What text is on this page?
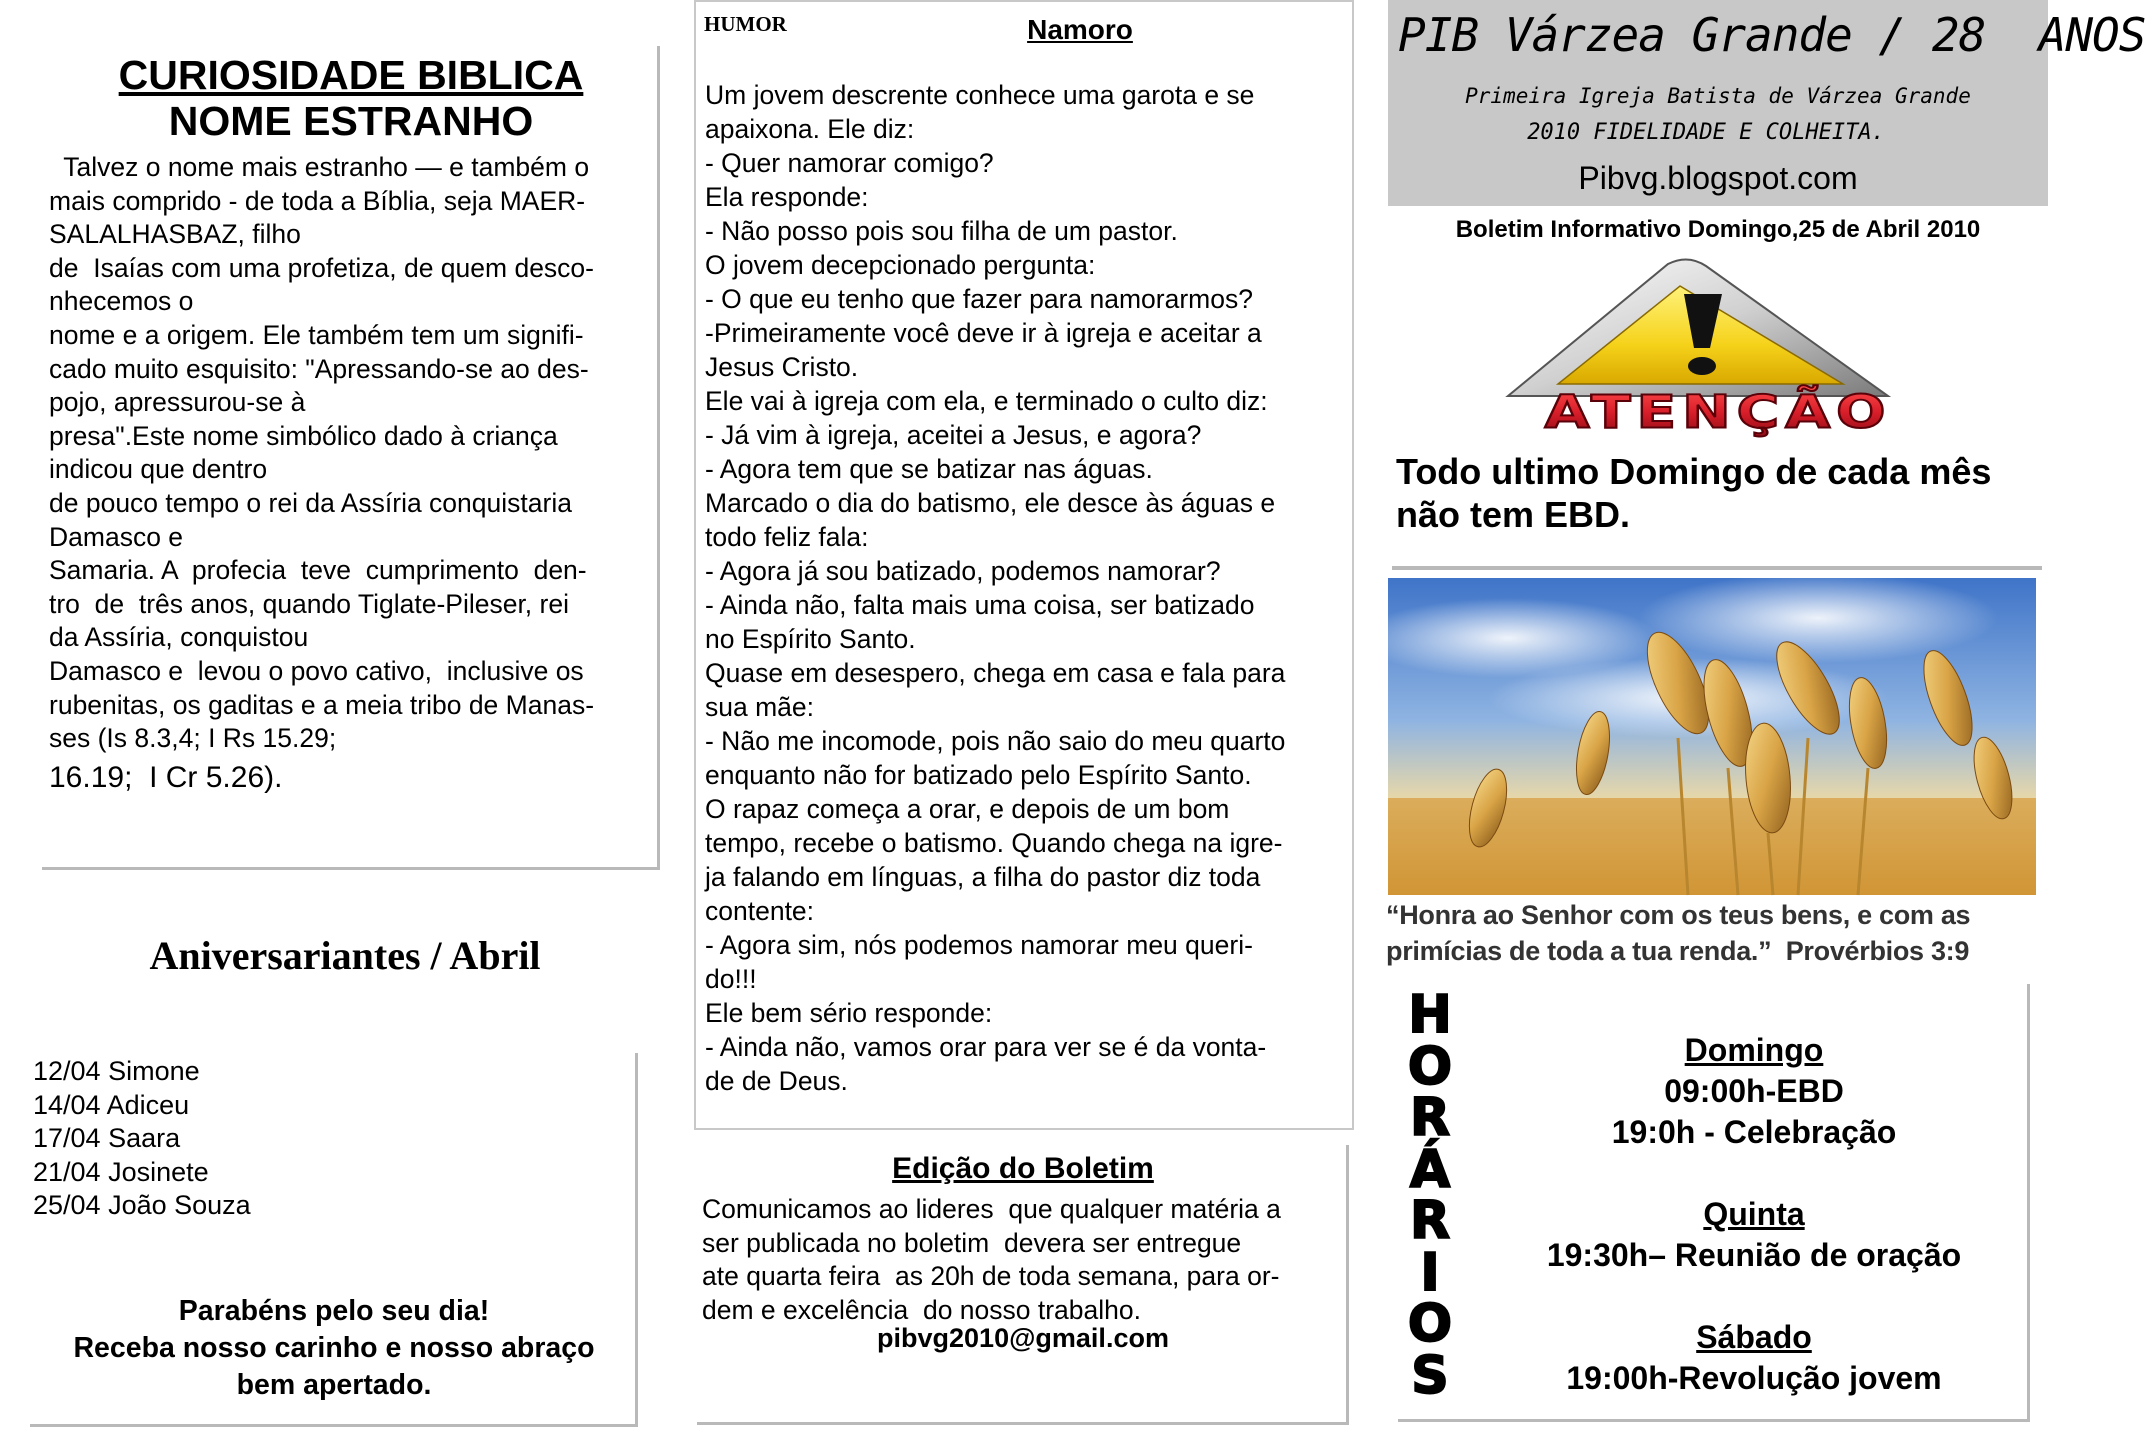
CURIOSIDADE BIBLICA
NOME ESTRANHO

Talvez o nome mais estranho — e também o

mais comprido - de toda a Bíblia, seja MAER-

SALALHASBAZ, filho

de  Isaías com uma profetiza, de quem desco-

nhecemos o

nome e a origem. Ele também tem um signifi-

cado muito esquisito: "Apressando-se ao des-

pojo, apressurou-se à

presa".Este nome simbólico dado à criança

indicou que dentro

de pouco tempo o rei da Assíria conquistaria

Damasco e

Samaria. A  profecia  teve  cumprimento  den-

tro  de  três anos, quando Tiglate-Pileser, rei

da Assíria, conquistou

Damasco e  levou o povo cativo,  inclusive os

rubenitas, os gaditas e a meia tribo de Manas-

ses (Is 8.3,4; I Rs 15.29;

16.19;  I Cr 5.26).

Aniversariantes / Abril
12/04 Simone
14/04 Adiceu
17/04 Saara
21/04 Josinete
25/04 João Souza
Parabéns pelo seu dia!
Receba nosso carinho e nosso abraço
bem apertado.
HUMOR	Namoro

Um jovem descrente conhece uma garota e se

apaixona. Ele diz:

- Quer namorar comigo?

Ela responde:

- Não posso pois sou filha de um pastor.

O jovem decepcionado pergunta:

- O que eu tenho que fazer para namorarmos?

-Primeiramente você deve ir à igreja e aceitar a

Jesus Cristo.

Ele vai à igreja com ela, e terminado o culto diz:

- Já vim à igreja, aceitei a Jesus, e agora?

- Agora tem que se batizar nas águas.

Marcado o dia do batismo, ele desce às águas e

todo feliz fala:

- Agora já sou batizado, podemos namorar?

- Ainda não, falta mais uma coisa, ser batizado

no Espírito Santo.

Quase em desespero, chega em casa e fala para

sua mãe:

- Não me incomode, pois não saio do meu quarto

enquanto não for batizado pelo Espírito Santo.

O rapaz começa a orar, e depois de um bom

tempo, recebe o batismo. Quando chega na igre-

ja falando em línguas, a filha do pastor diz toda

contente:

- Agora sim, nós podemos namorar meu queri-

do!!!

Ele bem sério responde:

- Ainda não, vamos orar para ver se é da vonta-

de de Deus.

Edição do Boletim

Comunicamos ao lideres  que qualquer matéria a

ser publicada no boletim  devera ser entregue

ate quarta feira  as 20h de toda semana, para or-

dem e excelência  do nosso trabalho.

pibvg2010@gmail.com
PIB Várzea Grande / 28  ANOS
Primeira Igreja Batista de Várzea Grande
2010 FIDELIDADE E COLHEITA.
Pibvg.blogspot.com
Boletim Informativo Domingo,25 de Abril 2010
ATENÇÃO
Todo ultimo Domingo de cada mês
não tem EBD.
“Honra ao Senhor com os teus bens, e com as
primícias de toda a tua renda.”  Provérbios 3:9
Domingo
09:00h-EBD
19:0h - Celebração
Quinta
19:30h– Reunião de oração
Sábado
19:00h-Revolução jovem
H
O
R
Á
R
I
O
S
